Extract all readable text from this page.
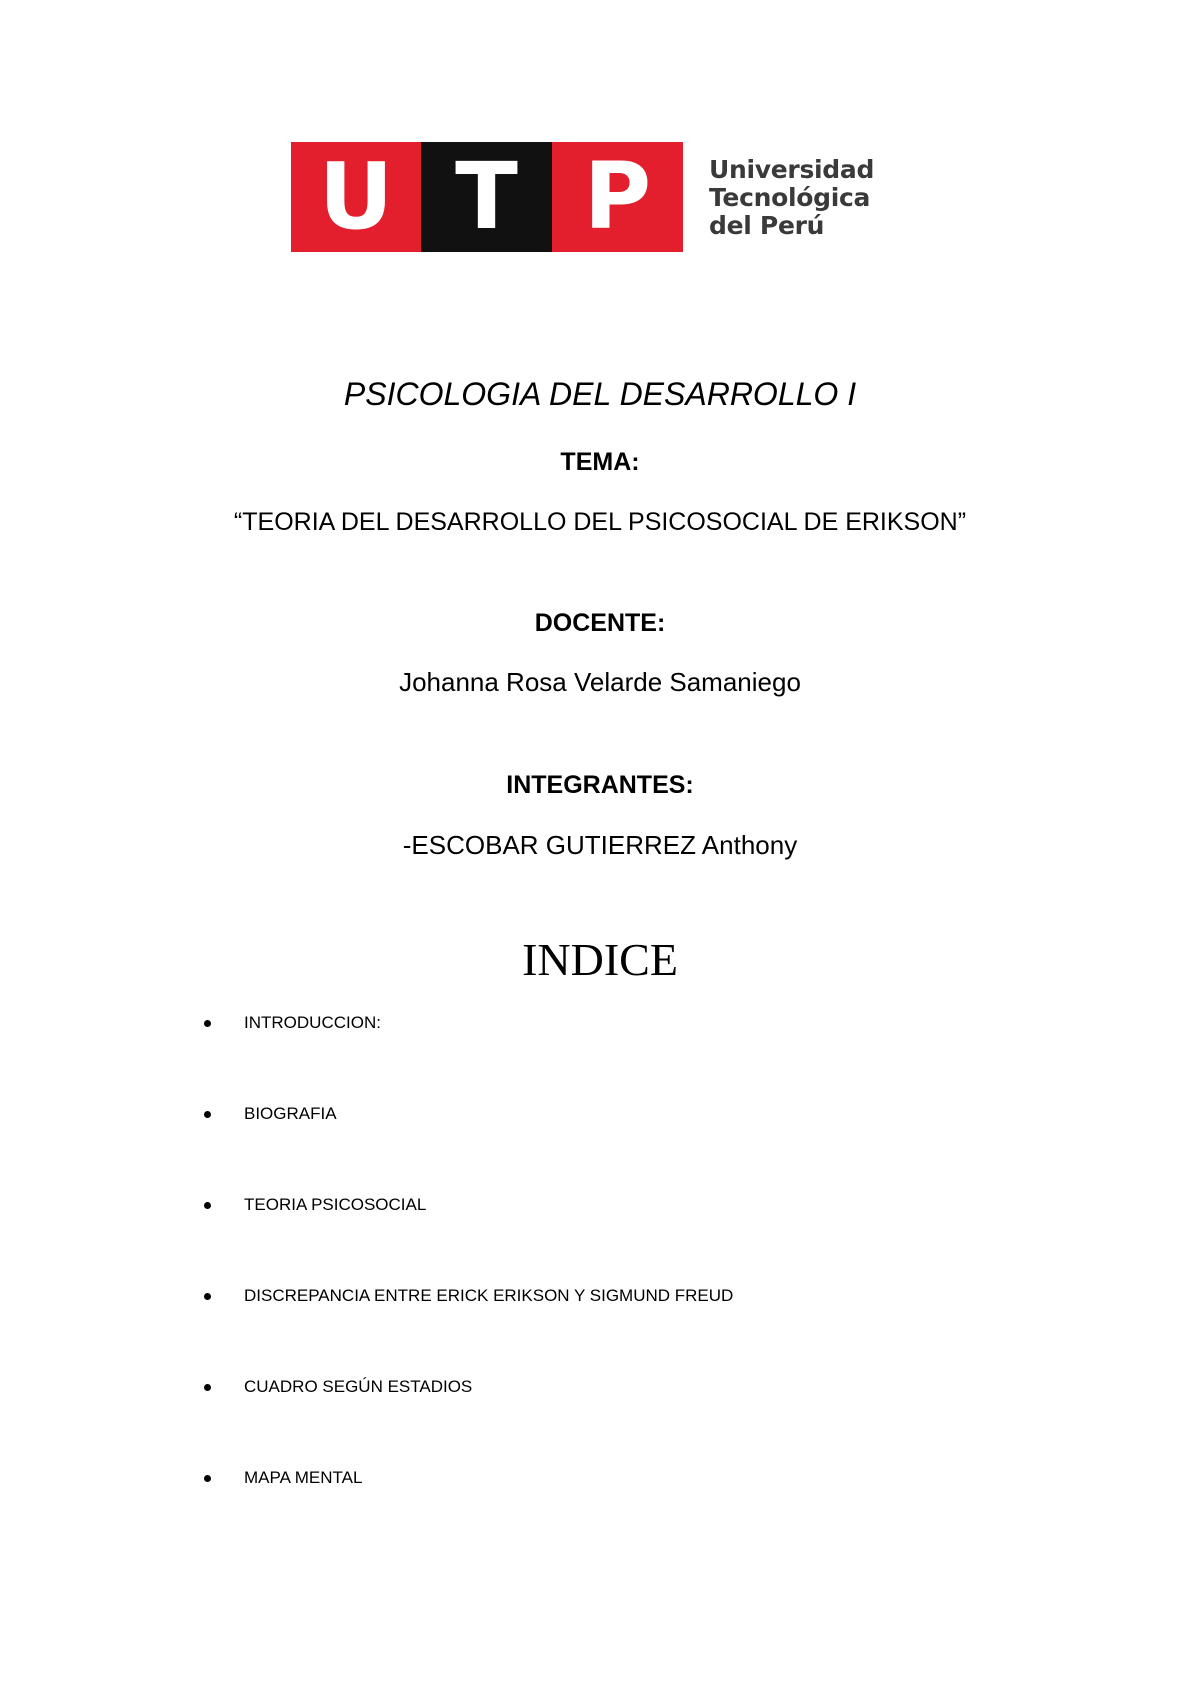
U T P	Universidad
Tecnológica
del Perú
PSICOLOGIA DEL DESARROLLO I
TEMA:
“TEORIA DEL DESARROLLO DEL PSICOSOCIAL DE ERIKSON”
DOCENTE:
Johanna Rosa Velarde Samaniego
INTEGRANTES:
-ESCOBAR GUTIERREZ Anthony
INDICE
INTRODUCCION:
BIOGRAFIA
TEORIA PSICOSOCIAL
DISCREPANCIA ENTRE ERICK ERIKSON Y SIGMUND FREUD
CUADRO SEGÚN ESTADIOS
MAPA MENTAL
